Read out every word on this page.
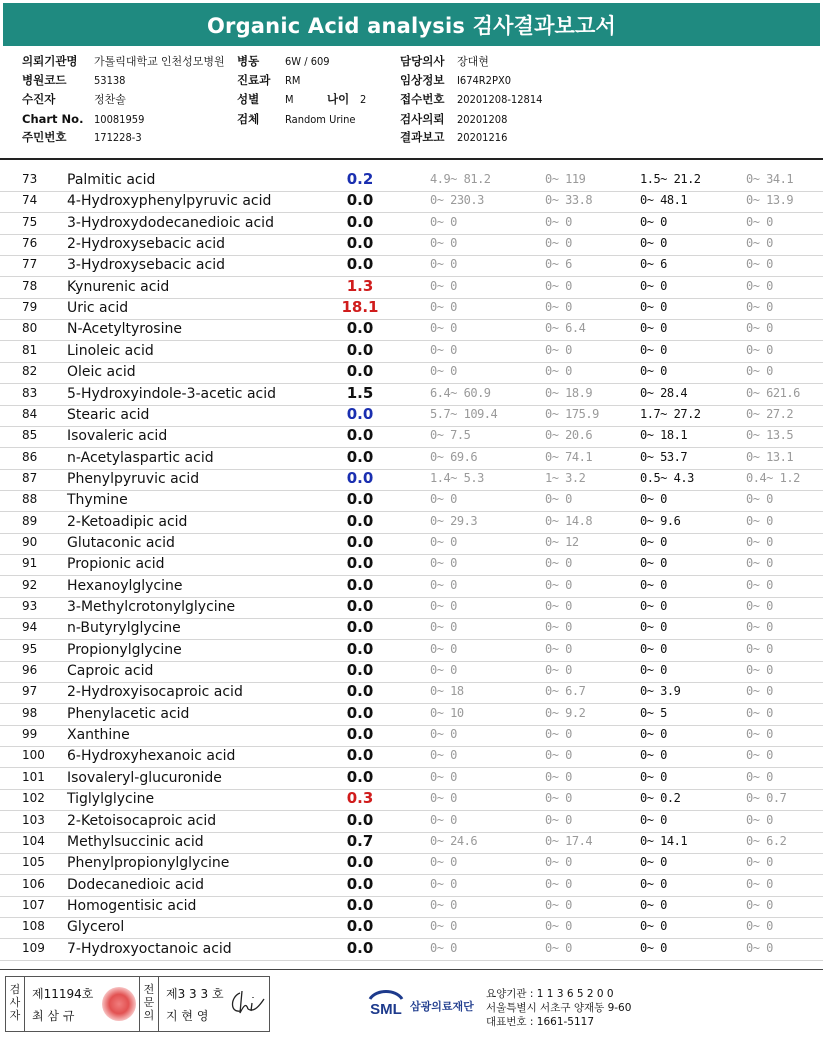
Organic Acid analysis 검사결과보고서
의뢰기관명 가톨릭대학교 인천성모병원 병동 6W / 609	담당의사 장대현
병원코드	53138	진료과 RM	임상정보 I674R2PX0
수진자	정찬솔	성별 M	나이 2	접수번호 20201208-12814
Chart No. 10081959	검체 Random Urine	검사의뢰 20201208
주민번호	171228-3	결과보고 20201216
73	Palmitic acid	0.2	4.9~ 81.2	0~ 119	1.5~ 21.2	0~ 34.1
74	4-Hydroxyphenylpyruvic acid	0.0	0~ 230.3	0~ 33.8	0~ 48.1	0~ 13.9
75	3-Hydroxydodecanedioic acid	0.0	0~ 0	0~ 0	0~ 0	0~ 0
76	2-Hydroxysebacic acid	0.0	0~ 0	0~ 0	0~ 0	0~ 0
77	3-Hydroxysebacic acid	0.0	0~ 0	0~ 6	0~ 6	0~ 0
78	Kynurenic acid	1.3	0~ 0	0~ 0	0~ 0	0~ 0
79	Uric acid	18.1	0~ 0	0~ 0	0~ 0	0~ 0
80	N-Acetyltyrosine	0.0	0~ 0	0~ 6.4	0~ 0	0~ 0
81	Linoleic acid	0.0	0~ 0	0~ 0	0~ 0	0~ 0
82	Oleic acid	0.0	0~ 0	0~ 0	0~ 0	0~ 0
83	5-Hydroxyindole-3-acetic acid	1.5	6.4~ 60.9	0~ 18.9	0~ 28.4	0~ 621.6
84	Stearic acid	0.0	5.7~ 109.4	0~ 175.9	1.7~ 27.2	0~ 27.2
85	Isovaleric acid	0.0	0~ 7.5	0~ 20.6	0~ 18.1	0~ 13.5
86	n-Acetylaspartic acid	0.0	0~ 69.6	0~ 74.1	0~ 53.7	0~ 13.1
87	Phenylpyruvic acid	0.0	1.4~ 5.3	1~ 3.2	0.5~ 4.3	0.4~ 1.2
88	Thymine	0.0	0~ 0	0~ 0	0~ 0	0~ 0
89	2-Ketoadipic acid	0.0	0~ 29.3	0~ 14.8	0~ 9.6	0~ 0
90	Glutaconic acid	0.0	0~ 0	0~ 12	0~ 0	0~ 0
91	Propionic acid	0.0	0~ 0	0~ 0	0~ 0	0~ 0
92	Hexanoylglycine	0.0	0~ 0	0~ 0	0~ 0	0~ 0
93	3-Methylcrotonylglycine	0.0	0~ 0	0~ 0	0~ 0	0~ 0
94	n-Butyrylglycine	0.0	0~ 0	0~ 0	0~ 0	0~ 0
95	Propionylglycine	0.0	0~ 0	0~ 0	0~ 0	0~ 0
96	Caproic acid	0.0	0~ 0	0~ 0	0~ 0	0~ 0
97	2-Hydroxyisocaproic acid	0.0	0~ 18	0~ 6.7	0~ 3.9	0~ 0
98	Phenylacetic acid	0.0	0~ 10	0~ 9.2	0~ 5	0~ 0
99	Xanthine	0.0	0~ 0	0~ 0	0~ 0	0~ 0
100	6-Hydroxyhexanoic acid	0.0	0~ 0	0~ 0	0~ 0	0~ 0
101	Isovaleryl-glucuronide	0.0	0~ 0	0~ 0	0~ 0	0~ 0
102	Tiglylglycine	0.3	0~ 0	0~ 0	0~ 0.2	0~ 0.7
103	2-Ketoisocaproic acid	0.0	0~ 0	0~ 0	0~ 0	0~ 0
104	Methylsuccinic acid	0.7	0~ 24.6	0~ 17.4	0~ 14.1	0~ 6.2
105	Phenylpropionylglycine	0.0	0~ 0	0~ 0	0~ 0	0~ 0
106	Dodecanedioic acid	0.0	0~ 0	0~ 0	0~ 0	0~ 0
107	Homogentisic acid	0.0	0~ 0	0~ 0	0~ 0	0~ 0
108	Glycerol	0.0	0~ 0	0~ 0	0~ 0	0~ 0
109	7-Hydroxyoctanoic acid	0.0	0~ 0	0~ 0	0~ 0	0~ 0
검
사
자
제11194호
최 삼 규
전
문
의
제3 3 3 호
지 현 영	SML 삼광의료재단
요양기관 : 1 1 3 6 5 2 0 0
서울특별시 서초구 양재동 9-60
대표번호 : 1661-5117
